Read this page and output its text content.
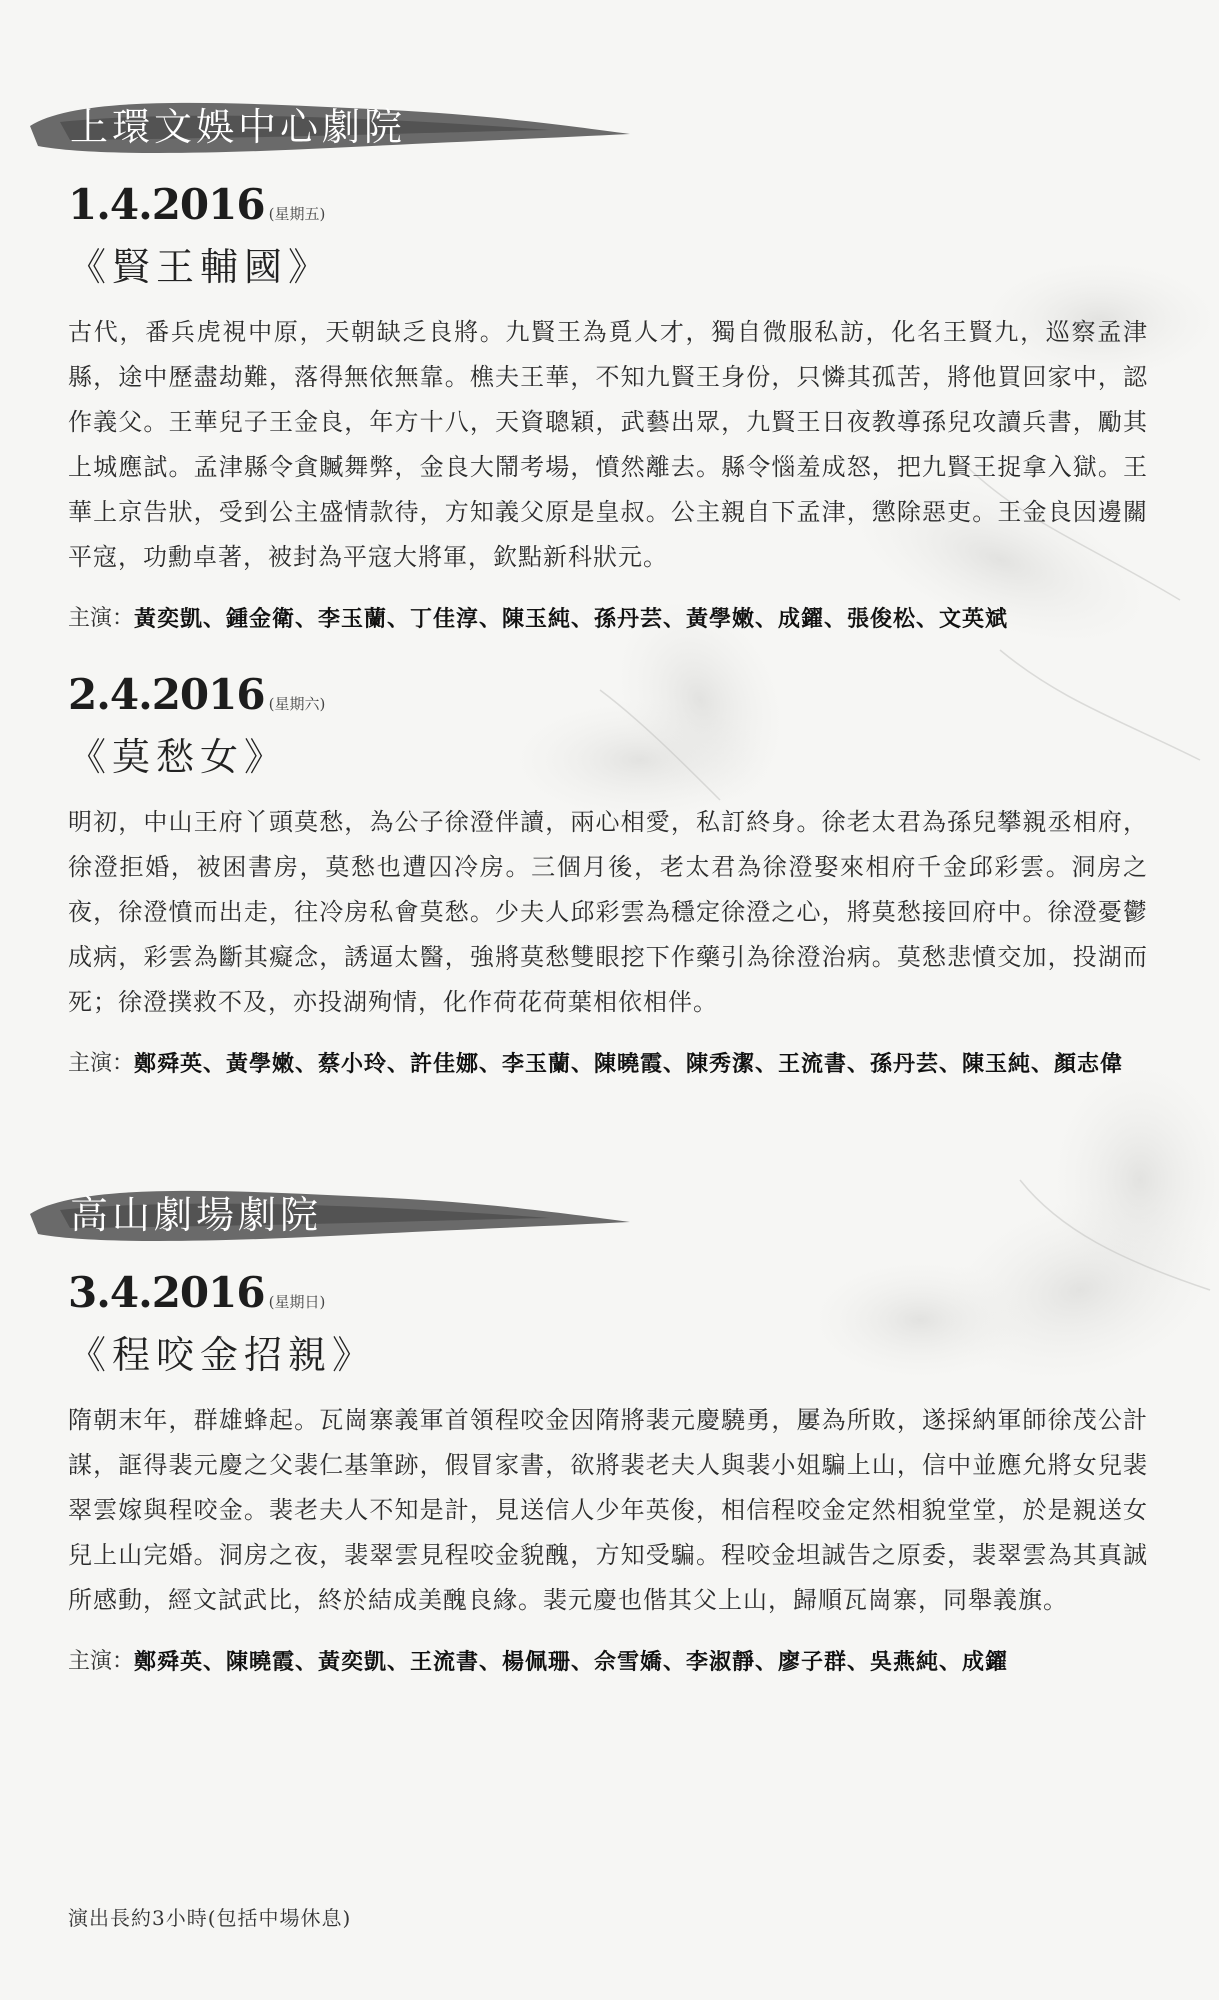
上環文娛中心劇院
1.4.2016 (星期五)
《賢王輔國》
古代，番兵虎視中原，天朝缺乏良將。九賢王為覓人才，獨自微服私訪，化名王賢九，巡察孟津縣，途中歷盡劫難，落得無依無靠。樵夫王華，不知九賢王身份，只憐其孤苦，將他買回家中，認作義父。王華兒子王金良，年方十八，天資聰穎，武藝出眾，九賢王日夜教導孫兒攻讀兵書，勵其上城應試。孟津縣令貪贓舞弊，金良大鬧考場，憤然離去。縣令惱羞成怒，把九賢王捉拿入獄。王華上京告狀，受到公主盛情款待，方知義父原是皇叔。公主親自下孟津，懲除惡吏。王金良因邊關平寇，功勳卓著，被封為平寇大將軍，欽點新科狀元。
主演： 黃奕凱、鍾金衛、李玉蘭、丁佳淳、陳玉純、孫丹芸、黃學嫩、成鑃、張俊松、文英斌
2.4.2016 (星期六)
《莫愁女》
明初，中山王府丫頭莫愁，為公子徐澄伴讀，兩心相愛，私訂終身。徐老太君為孫兒攀親丞相府，徐澄拒婚，被困書房，莫愁也遭囚冷房。三個月後，老太君為徐澄娶來相府千金邱彩雲。洞房之夜，徐澄憤而出走，往冷房私會莫愁。少夫人邱彩雲為穩定徐澄之心，將莫愁接回府中。徐澄憂鬱成病，彩雲為斷其癡念，誘逼太醫，強將莫愁雙眼挖下作藥引為徐澄治病。莫愁悲憤交加，投湖而死；徐澄撲救不及，亦投湖殉情，化作荷花荷葉相依相伴。
主演： 鄭舜英、黃學嫩、蔡小玲、許佳娜、李玉蘭、陳曉霞、陳秀潔、王流書、孫丹芸、陳玉純、顏志偉
高山劇場劇院
3.4.2016 (星期日)
《程咬金招親》
隋朝末年，群雄蜂起。瓦崗寨義軍首領程咬金因隋將裴元慶驍勇，屢為所敗，遂採納軍師徐茂公計謀，誆得裴元慶之父裴仁基筆跡，假冒家書，欲將裴老夫人與裴小姐騙上山，信中並應允將女兒裴翠雲嫁與程咬金。裴老夫人不知是計，見送信人少年英俊，相信程咬金定然相貌堂堂，於是親送女兒上山完婚。洞房之夜，裴翠雲見程咬金貌醜，方知受騙。程咬金坦誠告之原委，裴翠雲為其真誠所感動，經文試武比，終於結成美醜良緣。裴元慶也偕其父上山，歸順瓦崗寨，同舉義旗。
主演： 鄭舜英、陳曉霞、黃奕凱、王流書、楊佩珊、佘雪嬌、李淑靜、廖子群、吳燕純、成鑃
演出長約3小時(包括中場休息)
